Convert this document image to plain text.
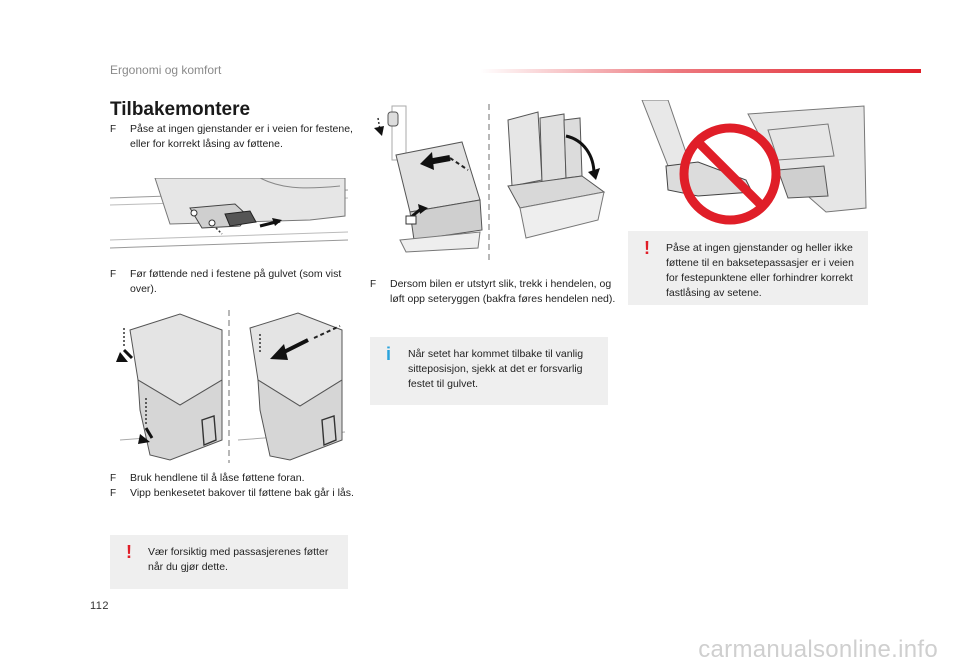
Ergonomi og komfort
Tilbakemontere
F Påse at ingen gjenstander er i veien for festene, eller for korrekt låsing av føttene.
F Før føttende ned i festene på gulvet (som vist over).
F Bruk hendlene til å låse føttene foran.
F Vipp benkesetet bakover til føttene bak går i lås.
! Vær forsiktig med passasjerenes føtter når du gjør dette.
F Dersom bilen er utstyrt slik, trekk i hendelen, og løft opp seteryggen (bakfra føres hendelen ned).
i Når setet har kommet tilbake til vanlig sitteposisjon, sjekk at det er forsvarlig festet til gulvet.
! Påse at ingen gjenstander og heller ikke føttene til en baksetepassasjer er i veien for festepunktene eller forhindrer korrekt fastlåsing av setene.
112
carmanualsonline.info
